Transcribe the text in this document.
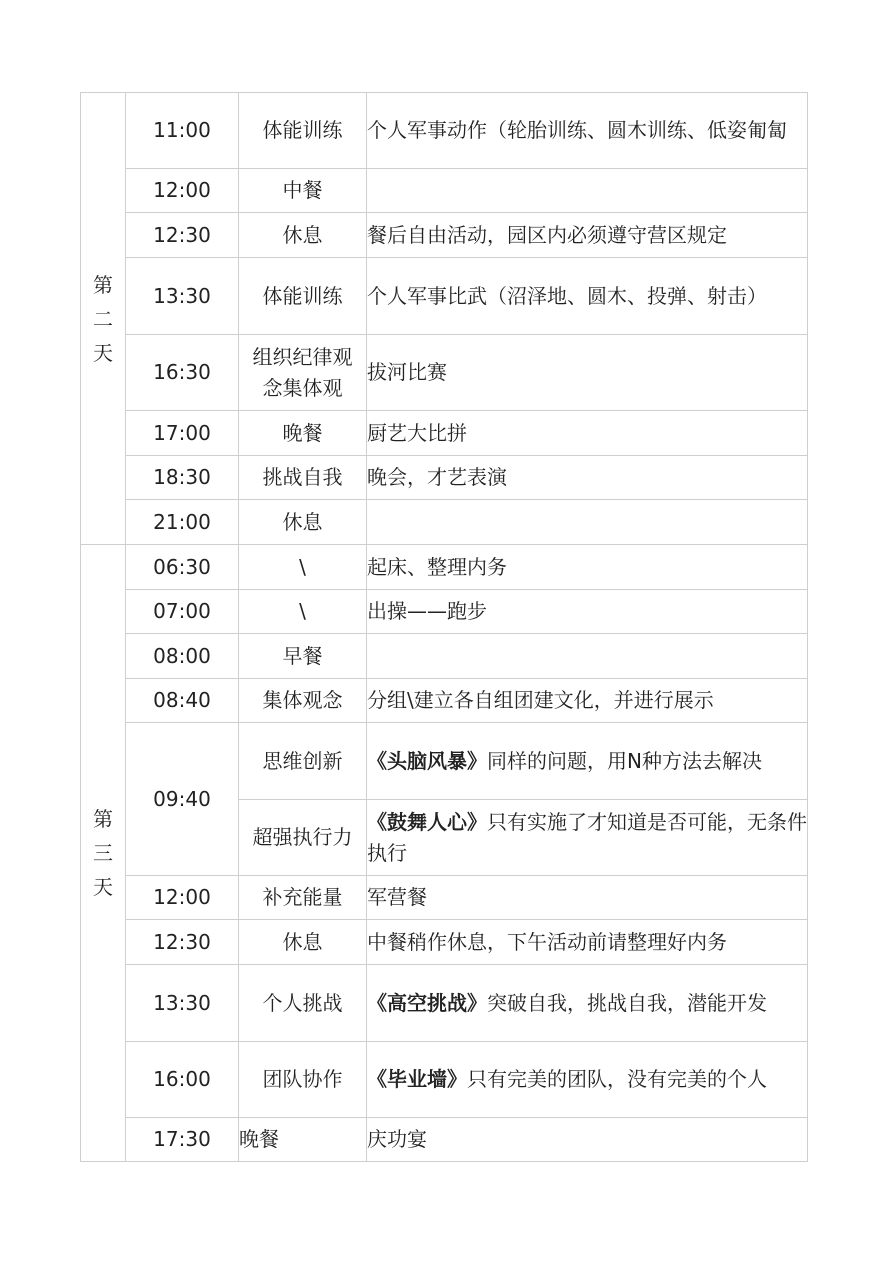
第二天	11:00	体能训练	个人军事动作（轮胎训练、圆木训练、低姿匍匐
	12:00	中餐	
	12:30	休息	餐后自由活动，园区内必须遵守营区规定
	13:30	体能训练	个人军事比武（沼泽地、圆木、投弹、射击）
	16:30	组织纪律观念集体观	拔河比赛
	17:00	晚餐	厨艺大比拼
	18:30	挑战自我	晚会，才艺表演
	21:00	休息	
第三天	06:30	\	起床、整理内务
	07:00	\	出操——跑步
	08:00	早餐	
	08:40	集体观念	分组\建立各自组团建文化，并进行展示
	09:40	思维创新	《头脑风暴》同样的问题，用N种方法去解决
		超强执行力	《鼓舞人心》只有实施了才知道是否可能，无条件执行
	12:00	补充能量	军营餐
	12:30	休息	中餐稍作休息，下午活动前请整理好内务
	13:30	个人挑战	《高空挑战》突破自我，挑战自我，潜能开发
	16:00	团队协作	《毕业墙》只有完美的团队，没有完美的个人
	17:30	晚餐	庆功宴
